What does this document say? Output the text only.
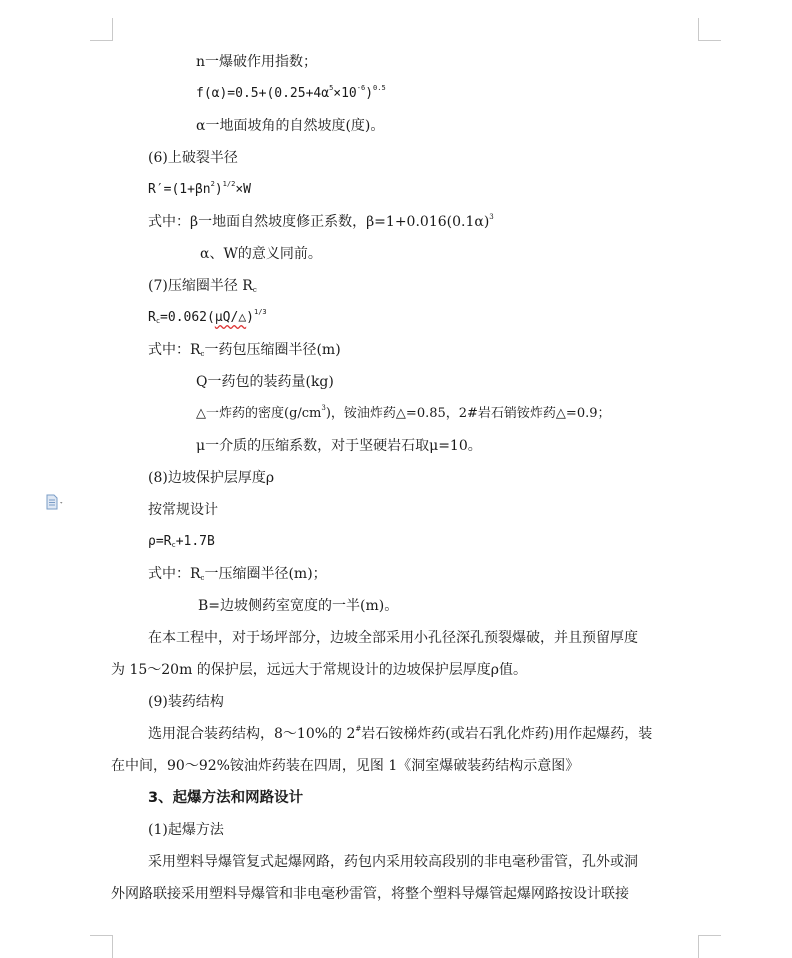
n一爆破作用指数；
$f(\alpha)=0.5+(0.25+4\alpha^5\times 10^{-6})^{0.5}$
α一地面坡角的自然坡度(度)。
(6)上破裂半径
$R'=(1+\beta n^2)^{1/2}\times W$
式中：β一地面自然坡度修正系数，$\beta=1+0.016(0.1\alpha)^3$
α、W的意义同前。
(7)压缩圈半径 $R_c$
$R_c=0.062(\mu Q/\triangle)^{1/3}$
式中：$R_c$一药包压缩圈半径(m)
Q一药包的装药量(kg)
△一炸药的密度$(g/cm^3)$，铵油炸药△=0.85，2#岩石销铵炸药△=0.9；
μ一介质的压缩系数，对于坚硬岩石取μ=10。
(8)边坡保护层厚度ρ
按常规设计
$\rho=R_c+1.7B$
式中：$R_c$一压缩圈半径(m)；
B=边坡侧药室宽度的一半(m)。
在本工程中，对于场坪部分，边坡全部采用小孔径深孔预裂爆破，并且预留厚度
为 15～20m 的保护层，远远大于常规设计的边坡保护层厚度ρ值。
(9)装药结构
选用混合装药结构，8～10%的 2#岩石铵梯炸药(或岩石乳化炸药)用作起爆药，装
在中间，90～92%铵油炸药装在四周，见图 1《洞室爆破装药结构示意图》
3、起爆方法和网路设计
(1)起爆方法
采用塑料导爆管复式起爆网路，药包内采用较高段别的非电毫秒雷管，孔外或洞
外网路联接采用塑料导爆管和非电毫秒雷管，将整个塑料导爆管起爆网路按设计联接
